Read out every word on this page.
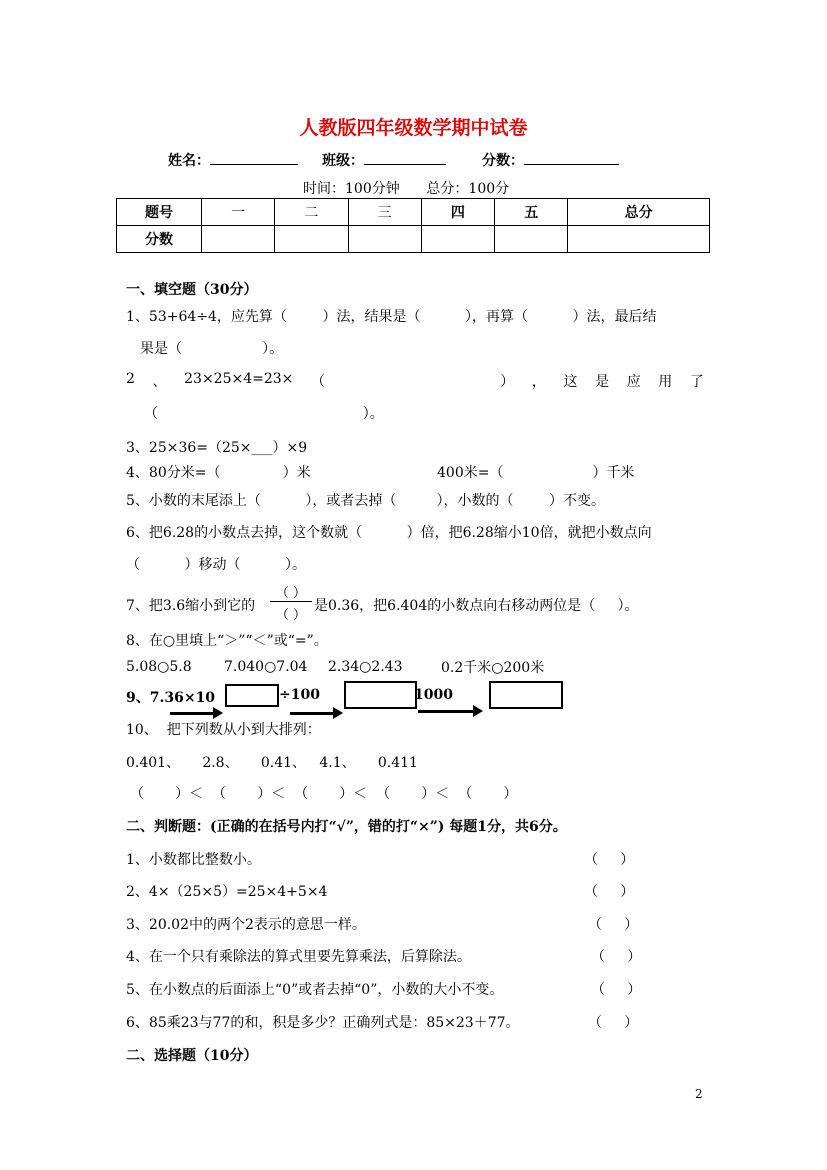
人教版四年级数学期中试卷
姓名：	班级：	分数：
时间：100分钟      总分：100分
题号	一	二	三	四	五	总分
分数						
一、填空题（30分）
1、53+64÷4，应先算（        ）法，结果是（          ），再算（          ）法，最后结
果是（                  ）。
2 、 23×25×4=23× （	） ， 这 是 应 用 了
（                                              ）。
3、25×36=（25×___）×9
4、80分米=（              ）米	400米=（                    ）千米
5、小数的末尾添上（          ），或者去掉（         ），小数的（        ）不变。
6、把6.28的小数点去掉，这个数就（          ）倍，把6.28缩小10倍，就把小数点向
（          ）移动（          ）。
7、把3.6缩小到它的
（ ）
（ ）
是0.36，把6.404的小数点向右移动两位是（     ）。
8、在○里填上“＞”“＜”或“=”。
5.08○5.8 7.040○7.04 2.34○2.43	0.2千米○200米
9、7.36×10	÷100	1000
10、  把下列数从小到大排列：
0.401、     2.8、     0.41、   4.1、     0.411
（       ）＜  （       ）＜  （       ）＜  （       ）＜  （       ）
二、判断题：(正确的在括号内打“√”，错的打“×”) 每题1分，共6分。
1、小数都比整数小。	（     ）
2、4×（25×5）=25×4+5×4	（     ）
3、20.02中的两个2表示的意思一样。	（     ）
4、在一个只有乘除法的算式里要先算乘法，后算除法。	（     ）
5、在小数点的后面添上“0”或者去掉“0”，小数的大小不变。	（     ）
6、85乘23与77的和，积是多少？正确列式是：85×23＋77。	（     ）
二、选择题（10分）
2
